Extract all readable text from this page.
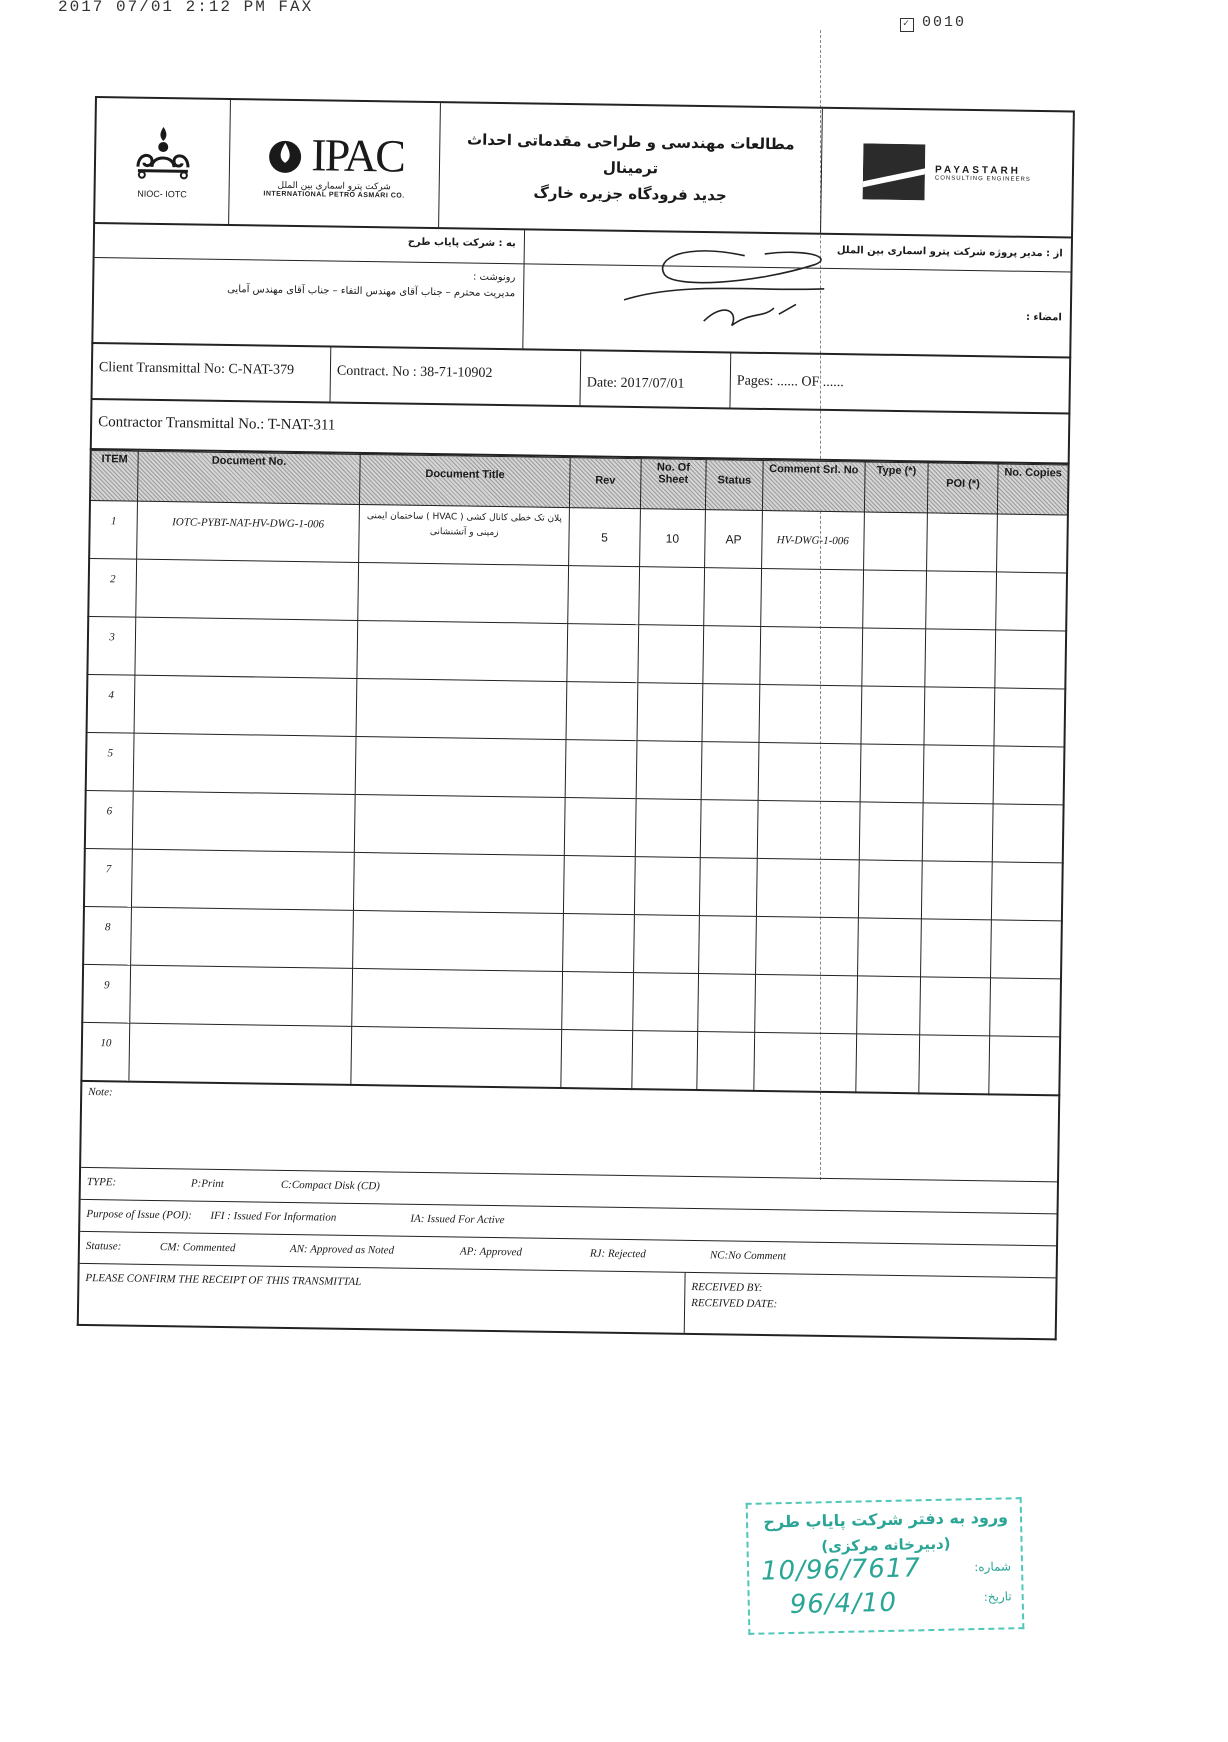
2017 07/01 2:12 PM FAX
✓ 0010
NIOC- IOTC
IPAC
شرکت پترو اسماری بین الملل
INTERNATIONAL PETRO ASMARI CO.
مطالعات مهندسی و طراحی مقدماتی احداث ترمینال
جدید فرودگاه جزیره خارگ
PAYASTARH
CONSULTING ENGINEERS
به : شرکت پایاب طرح
رونوشت :
مدیریت محترم – جناب آقای مهندس التفاء – جناب آقای مهندس آمایی
از : مدیر پروژه شرکت پترو اسماری بین الملل
امضاء :
Client Transmittal No: C-NAT-379	Contract. No : 38-71-10902
Date: 2017/07/01	Pages: ...... OF ......
Contractor Transmittal No.: T-NAT-311
ITEM	Document No.	Document Title	Rev	No. Of Sheet	Status	Comment Srl. No	Type (*)	POI (*)	No. Copies
1	IOTC-PYBT-NAT-HV-DWG-1-006	پلان تک خطی کانال کشی ( HVAC ) ساختمان ایمنی زمینی و آتشنشانی	5	10	AP	HV-DWG-1-006			
2									
3									
4									
5									
6									
7									
8									
9									
10									
Note:
TYPE:	P:Print	C:Compact Disk (CD)
Purpose of Issue (POI): IFI : Issued For Information	IA: Issued For Active
Statuse:	CM: Commented	AN: Approved as Noted	AP: Approved	RJ: Rejected	NC:No Comment
PLEASE CONFIRM THE RECEIPT OF THIS TRANSMITTAL	RECEIVED BY:
RECEIVED DATE:
ورود به دفتر شرکت پایاب طرح
(دبیرخانه مرکزی)
شماره:
تاریخ:
10/96/7617
96/4/10
